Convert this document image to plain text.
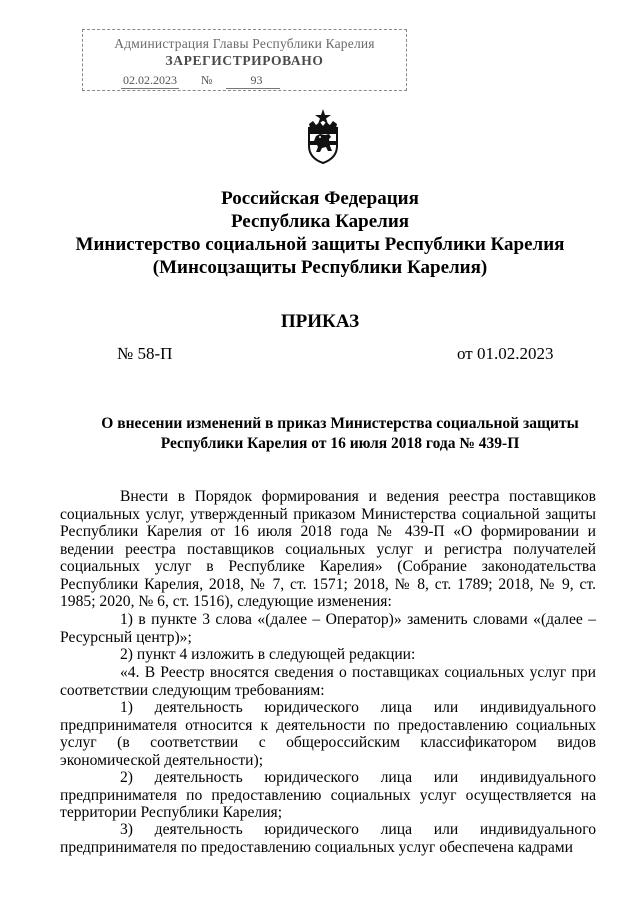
Администрация Главы Республики Карелия
ЗАРЕГИСТРИРОВАНО
02.02.2023 №	93
Российская Федерация
Республика Карелия
Министерство социальной защиты Республики Карелия
(Минсоцзащиты Республики Карелия)
ПРИКАЗ
№ 58-П	от 01.02.2023
О внесении изменений в приказ Министерства социальной защиты
Республики Карелия от 16 июля 2018 года № 439-П
Внести в Порядок формирования и ведения реестра поставщиков социальных услуг, утвержденный приказом Министерства социальной защиты Республики Карелия от 16 июля 2018 года № 439-П «О формировании и ведении реестра поставщиков социальных услуг и регистра получателей социальных услуг в Республике Карелия» (Собрание законодательства Республики Карелия, 2018, № 7, ст. 1571; 2018, № 8, ст. 1789; 2018, № 9, ст. 1985; 2020, № 6, ст. 1516), следующие изменения:
1) в пункте 3 слова «(далее – Оператор)» заменить словами «(далее – Ресурсный центр)»;
2) пункт 4 изложить в следующей редакции:
«4. В Реестр вносятся сведения о поставщиках социальных услуг при соответствии следующим требованиям:
1) деятельность юридического лица или индивидуального предпринимателя относится к деятельности по предоставлению социальных услуг (в соответствии с общероссийским классификатором видов экономической деятельности);
2) деятельность юридического лица или индивидуального предпринимателя по предоставлению социальных услуг осуществляется на территории Республики Карелия;
3) деятельность юридического лица или индивидуального предпринимателя по предоставлению социальных услуг обеспечена кадрами
